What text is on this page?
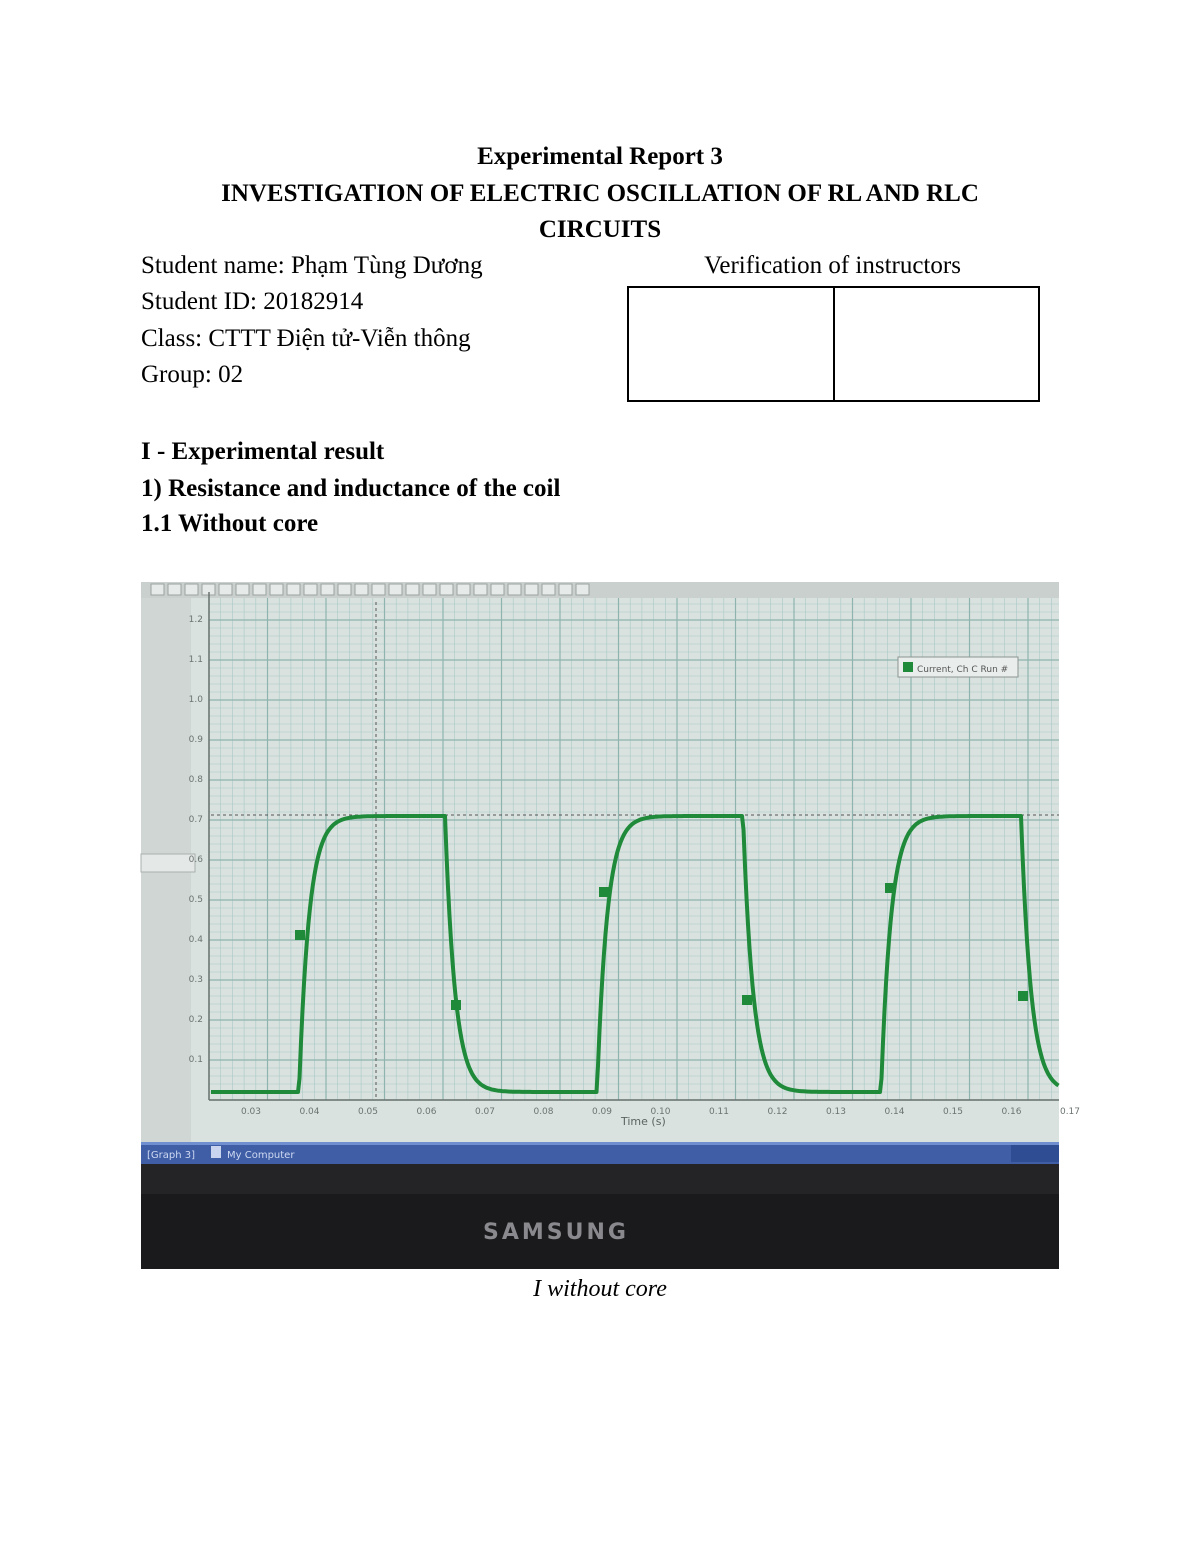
Experimental Report 3
INVESTIGATION OF ELECTRIC OSCILLATION OF RL AND RLC
CIRCUITS
Student name: Phạm Tùng Dương
Student ID: 20182914
Class: CTTT Điện tử-Viễn thông
Group: 02
Verification of instructors
I - Experimental result
1) Resistance and inductance of the coil
1.1 Without core
1.2
1.1
1.0
0.9
0.8
0.7
0.6
0.5
0.4
0.3
0.2
0.1
0.03	0.04	0.05	0.06	0.07	0.08	0.09	0.10	0.11	0.12	0.13	0.14	0.15	0.16	0.17
Time (s)
Current, Ch C Run #
[Graph 3]	My Computer
SAMSUNG
I without core
